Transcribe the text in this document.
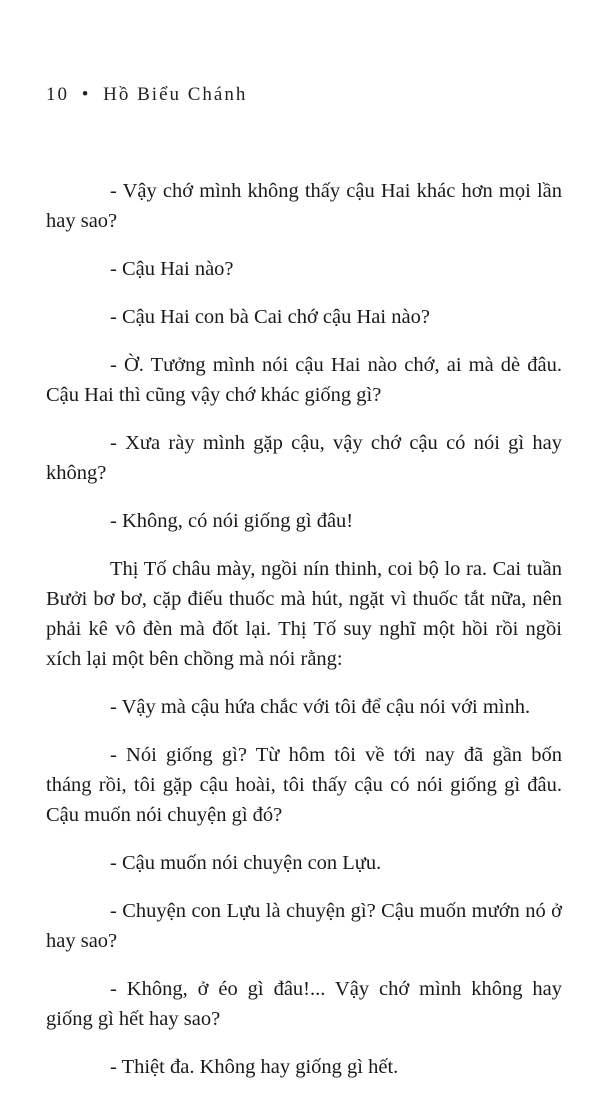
10 • Hồ Biểu Chánh

- Vậy chớ mình không thấy cậu Hai khác hơn mọi lần hay sao?

- Cậu Hai nào?

- Cậu Hai con bà Cai chớ cậu Hai nào?

- Ờ. Tưởng mình nói cậu Hai nào chớ, ai mà dè đâu. Cậu Hai thì cũng vậy chớ khác giống gì?

- Xưa rày mình gặp cậu, vậy chớ cậu có nói gì hay không?

- Không, có nói giống gì đâu!

Thị Tố châu mày, ngồi nín thinh, coi bộ lo ra. Cai tuần Bưởi bơ bơ, cặp điếu thuốc mà hút, ngặt vì thuốc tắt nữa, nên phải kê vô đèn mà đốt lại. Thị Tố suy nghĩ một hồi rồi ngồi xích lại một bên chồng mà nói rằng:

- Vậy mà cậu hứa chắc với tôi để cậu nói với mình.

- Nói giống gì? Từ hôm tôi về tới nay đã gần bốn tháng rồi, tôi gặp cậu hoài, tôi thấy cậu có nói giống gì đâu. Cậu muốn nói chuyện gì đó?

- Cậu muốn nói chuyện con Lựu.

- Chuyện con Lựu là chuyện gì? Cậu muốn mướn nó ở hay sao?

- Không, ở éo gì đâu!... Vậy chớ mình không hay giống gì hết hay sao?

- Thiệt đa. Không hay giống gì hết.
